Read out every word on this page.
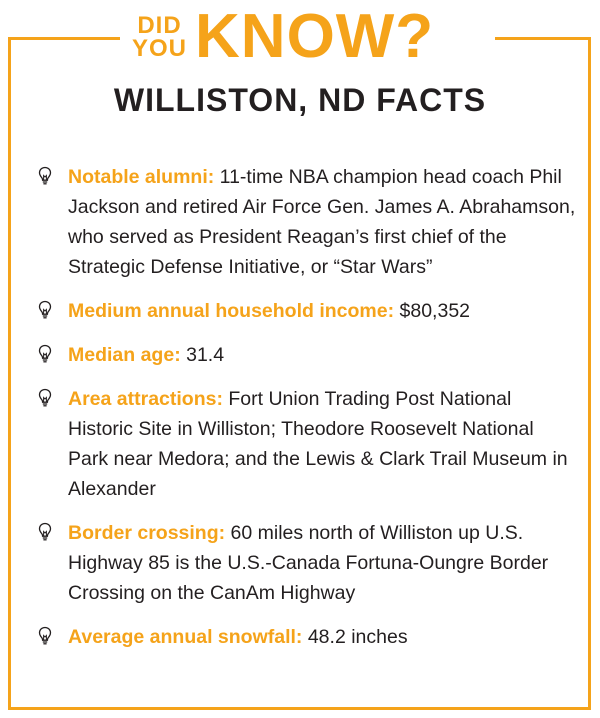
DID
YOU KNOW?
WILLISTON, ND FACTS
Notable alumni: 11-time NBA champion head coach Phil Jackson and retired Air Force Gen. James A. Abrahamson, who served as President Reagan’s first chief of the Strategic Defense Initiative, or “Star Wars”
Medium annual household income: $80,352
Median age: 31.4
Area attractions: Fort Union Trading Post National Historic Site in Williston; Theodore Roosevelt National Park near Medora; and the Lewis & Clark Trail Museum in Alexander
Border crossing: 60 miles north of Williston up U.S. Highway 85 is the U.S.-Canada Fortuna-Oungre Border Crossing on the CanAm Highway
Average annual snowfall: 48.2 inches
